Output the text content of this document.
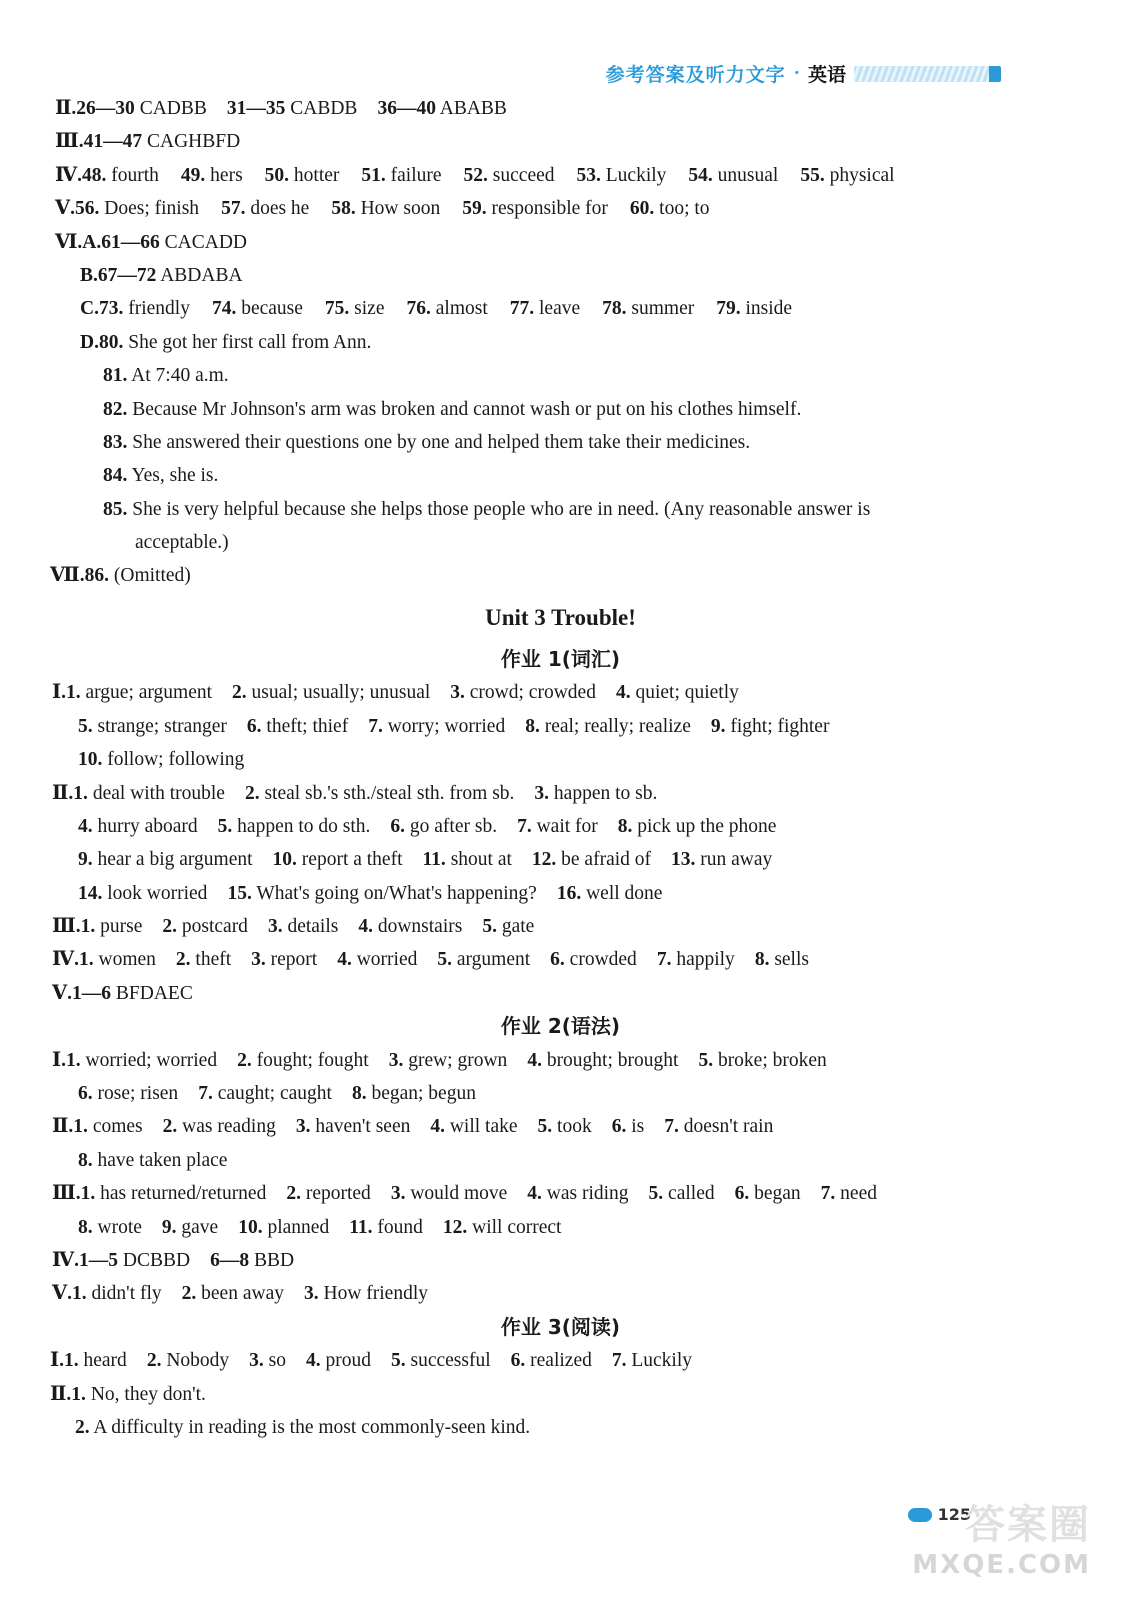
参考答案及听力文字 · 英语
Ⅱ.26—30 CADBB 31—35 CABDB 36—40 ABABB
Ⅲ.41—47 CAGHBFD
Ⅳ.48. fourth 49. hers 50. hotter 51. failure 52. succeed 53. Luckily 54. unusual 55. physical
Ⅴ.56. Does; finish 57. does he 58. How soon 59. responsible for 60. too; to
Ⅵ.A.61—66 CACADD
B.67—72 ABDABA
C.73. friendly 74. because 75. size 76. almost 77. leave 78. summer 79. inside
D.80. She got her first call from Ann.
81. At 7:40 a.m.
82. Because Mr Johnson's arm was broken and cannot wash or put on his clothes himself.
83. She answered their questions one by one and helped them take their medicines.
84. Yes, she is.
85. She is very helpful because she helps those people who are in need. (Any reasonable answer is
acceptable.)
Ⅶ.86. (Omitted)
Unit 3 Trouble!
作业 1(词汇)
Ⅰ.1. argue; argument 2. usual; usually; unusual 3. crowd; crowded 4. quiet; quietly
5. strange; stranger 6. theft; thief 7. worry; worried 8. real; really; realize 9. fight; fighter
10. follow; following
Ⅱ.1. deal with trouble 2. steal sb.'s sth./steal sth. from sb. 3. happen to sb.
4. hurry aboard 5. happen to do sth. 6. go after sb. 7. wait for 8. pick up the phone
9. hear a big argument 10. report a theft 11. shout at 12. be afraid of 13. run away
14. look worried 15. What's going on/What's happening? 16. well done
Ⅲ.1. purse 2. postcard 3. details 4. downstairs 5. gate
Ⅳ.1. women 2. theft 3. report 4. worried 5. argument 6. crowded 7. happily 8. sells
Ⅴ.1—6 BFDAEC
作业 2(语法)
Ⅰ.1. worried; worried 2. fought; fought 3. grew; grown 4. brought; brought 5. broke; broken
6. rose; risen 7. caught; caught 8. began; begun
Ⅱ.1. comes 2. was reading 3. haven't seen 4. will take 5. took 6. is 7. doesn't rain
8. have taken place
Ⅲ.1. has returned/returned 2. reported 3. would move 4. was riding 5. called 6. began 7. need
8. wrote 9. gave 10. planned 11. found 12. will correct
Ⅳ.1—5 DCBBD 6—8 BBD
Ⅴ.1. didn't fly 2. been away 3. How friendly
作业 3(阅读)
Ⅰ.1. heard 2. Nobody 3. so 4. proud 5. successful 6. realized 7. Luckily
Ⅱ.1. No, they don't.
2. A difficulty in reading is the most commonly-seen kind.
125
答案圈
MXQE.COM
